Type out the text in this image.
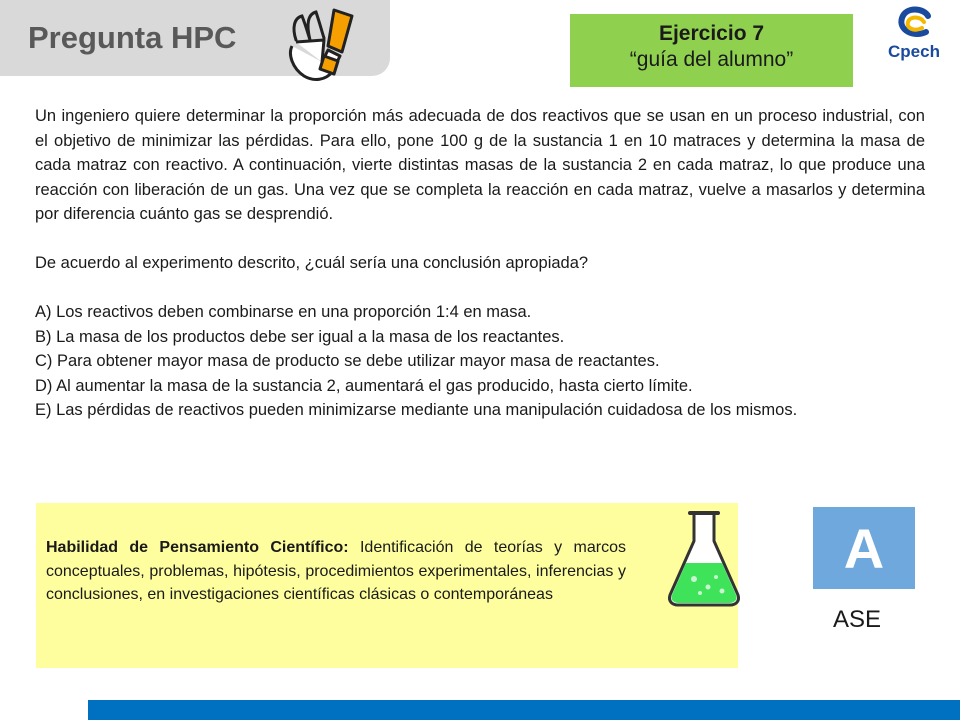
Pregunta HPC	Ejercicio 7
“guía del alumno”	Cpech

Un ingeniero quiere determinar la proporción más adecuada de dos reactivos que se usan en un proceso industrial, con el objetivo de minimizar las pérdidas. Para ello, pone 100 g de la sustancia 1 en 10 matraces y determina la masa de cada matraz con reactivo. A continuación, vierte distintas masas de la sustancia 2 en cada matraz, lo que produce una reacción con liberación de un gas. Una vez que se completa la reacción en cada matraz, vuelve a masarlos y determina por diferencia cuánto gas se desprendió.

De acuerdo al experimento descrito, ¿cuál sería una conclusión apropiada?

A) Los reactivos deben combinarse en una proporción 1:4 en masa.

B) La masa de los productos debe ser igual a la masa de los reactantes.

C) Para obtener mayor masa de producto se debe utilizar mayor masa de reactantes.

D) Al aumentar la masa de la sustancia 2, aumentará el gas producido, hasta cierto límite.

E) Las pérdidas de reactivos pueden minimizarse mediante una manipulación cuidadosa de los mismos.

Habilidad de Pensamiento Científico: Identificación de teorías y marcos conceptuales, problemas, hipótesis, procedimientos experimentales, inferencias y conclusiones, en investigaciones científicas clásicas o contemporáneas
A
ASE
